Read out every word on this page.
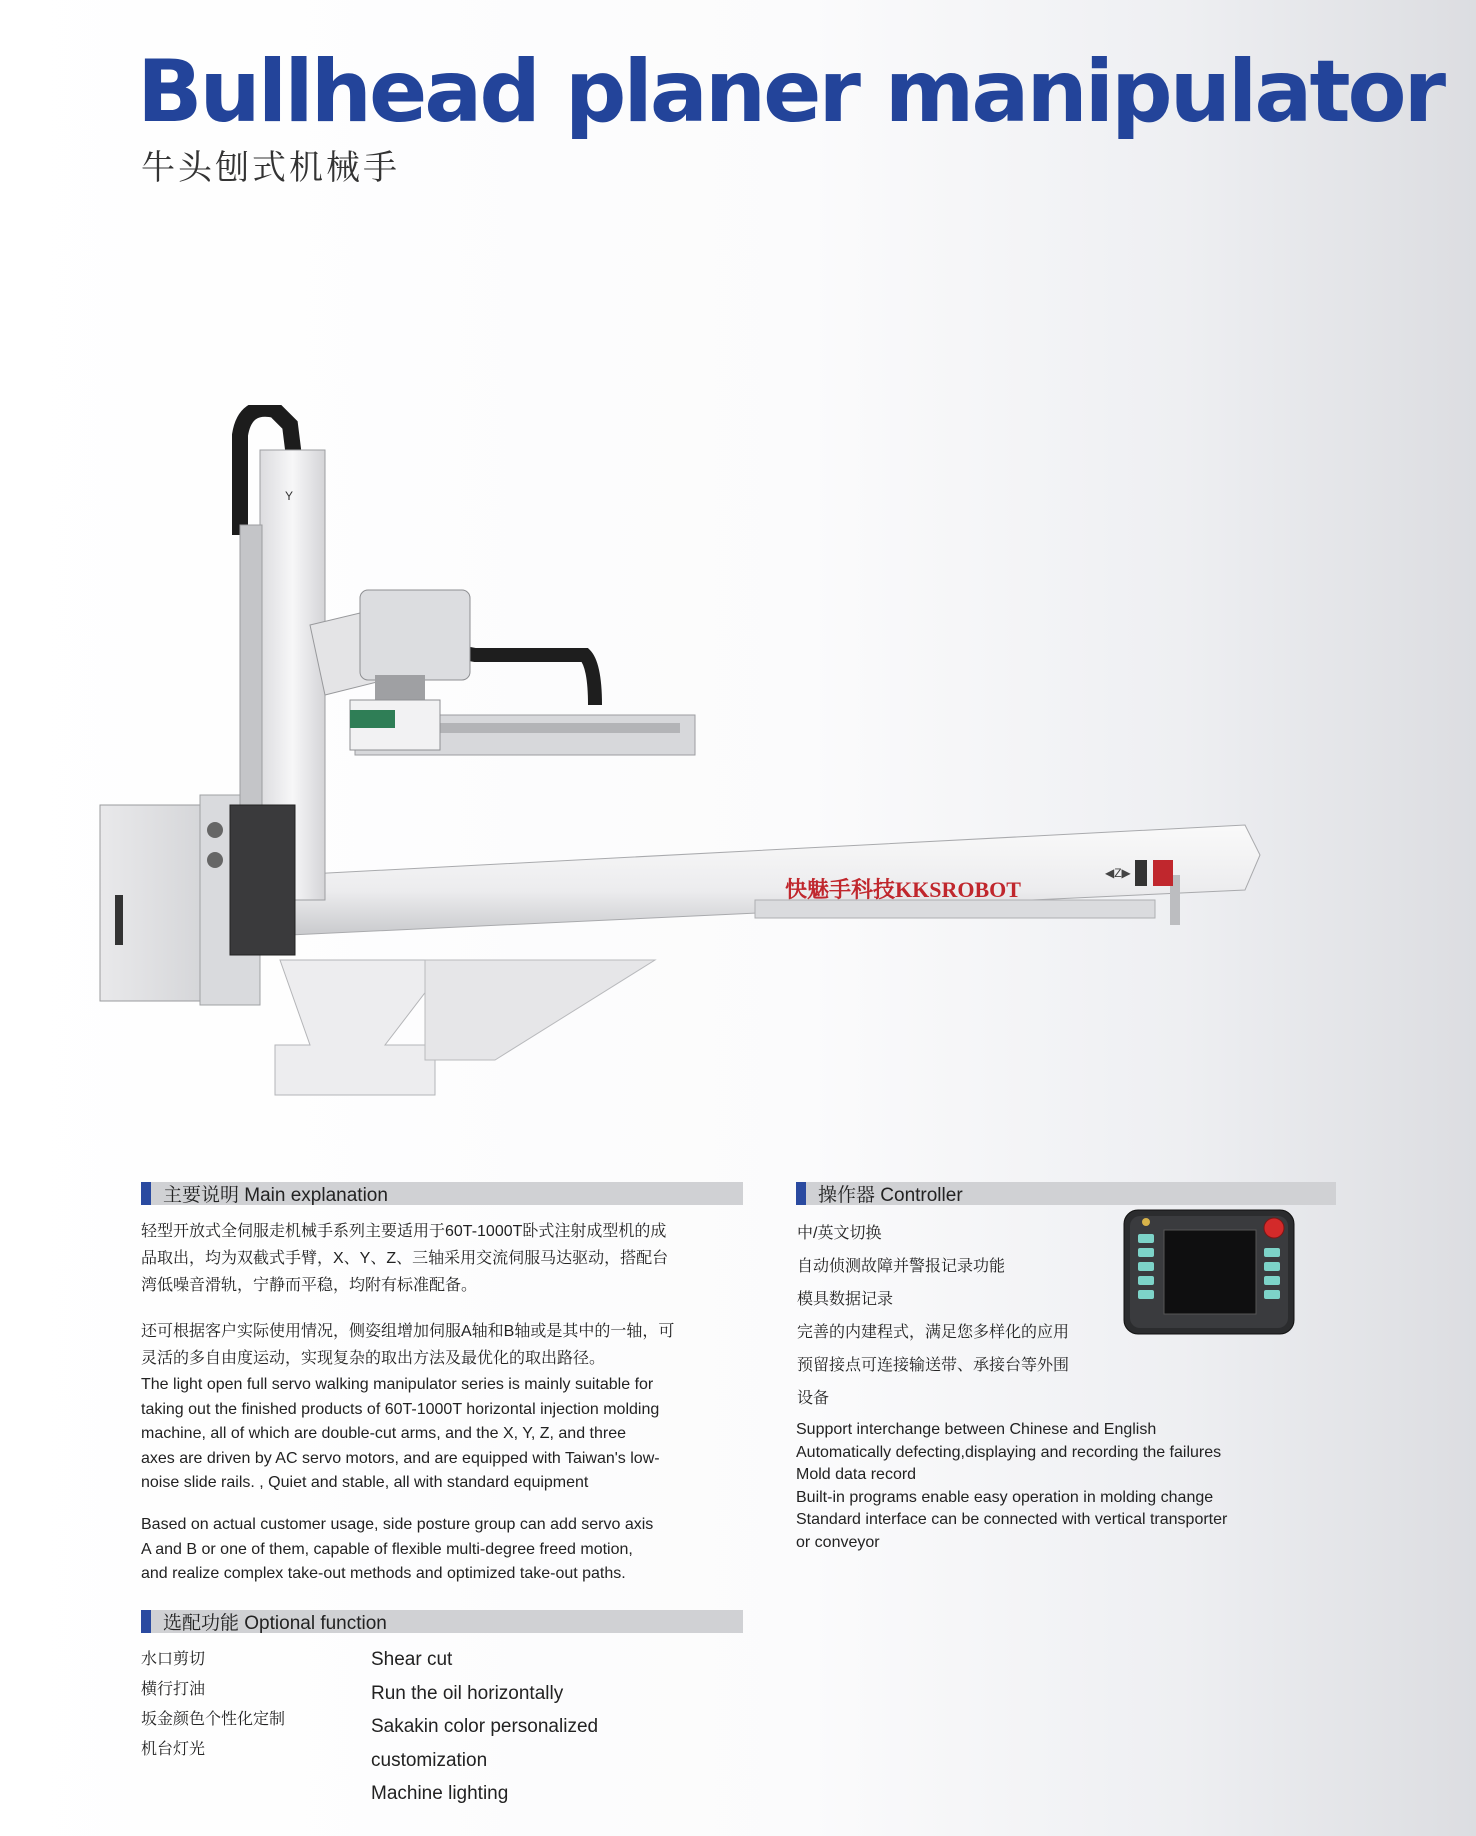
Bullhead planer manipulator
牛头刨式机械手
快魅手科技KKSROBOT
◀Z▶
Y
主要说明 Main explanation
轻型开放式全伺服走机械手系列主要适用于60T-1000T卧式注射成型机的成
品取出，均为双截式手臂，X、Y、Z、三轴采用交流伺服马达驱动，搭配台
湾低噪音滑轨，宁静而平稳，均附有标准配备。
还可根据客户实际使用情况，侧姿组增加伺服A轴和B轴或是其中的一轴，可
灵活的多自由度运动，实现复杂的取出方法及最优化的取出路径。
The light open full servo walking manipulator series is mainly suitable for
taking out the finished products of 60T-1000T horizontal injection molding
machine, all of which are double-cut arms, and the X, Y, Z, and three
axes are driven by AC servo motors, and are equipped with Taiwan's low-
noise slide rails. , Quiet and stable, all with standard equipment
Based on actual customer usage, side posture group can add servo axis
A and B or one of them, capable of flexible multi-degree freed motion,
and realize complex take-out methods and optimized take-out paths.
选配功能 Optional function
水口剪切
横行打油
坂金颜色个性化定制
机台灯光
Shear cut
Run the oil horizontally
Sakakin color personalized
customization
Machine lighting
操作器 Controller
中/英文切换
自动侦测故障并警报记录功能
模具数据记录
完善的内建程式，满足您多样化的应用
预留接点可连接输送带、承接台等外围
设备
Support interchange between Chinese and English
Automatically defecting,displaying and recording the failures
Mold data record
Built-in programs enable easy operation in molding change
Standard interface can be connected with vertical transporter
or conveyor
